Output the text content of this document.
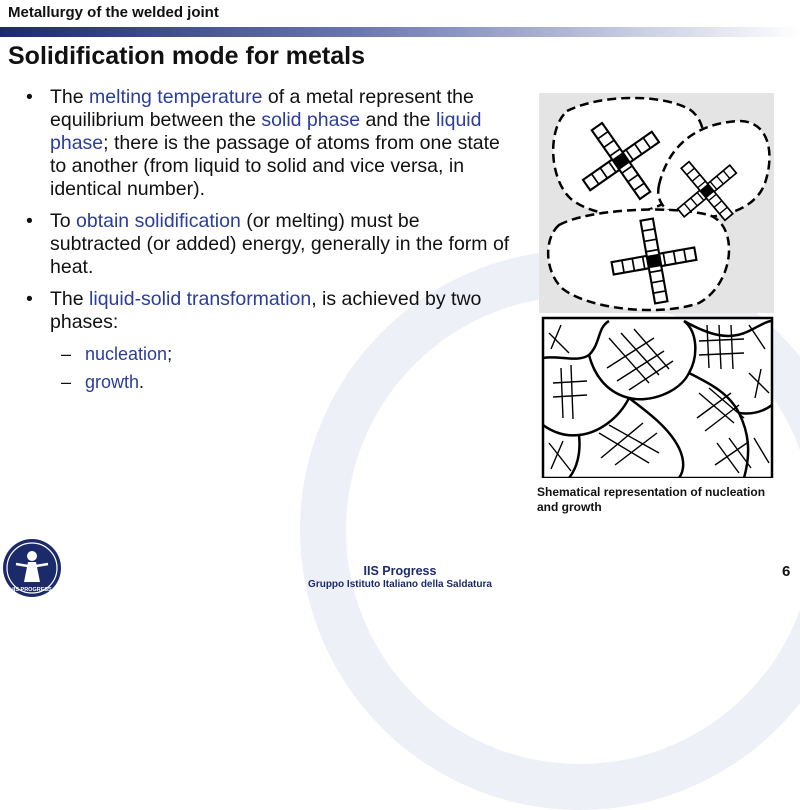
Metallurgy of the welded joint
Solidification mode for metals
• The melting temperature of a metal represent the equilibrium between the solid phase and the liquid phase; there is the passage of atoms from one state to another (from liquid to solid and vice versa, in identical number).
• To obtain solidification (or melting) must be subtracted (or added) energy, generally in the form of heat.
• The liquid-solid transformation, is achieved by two phases:
– nucleation;
– growth.
Shematical representation of nucleation and growth
IIS PROGRESS
IIS Progress
Gruppo Istituto Italiano della Saldatura
6
